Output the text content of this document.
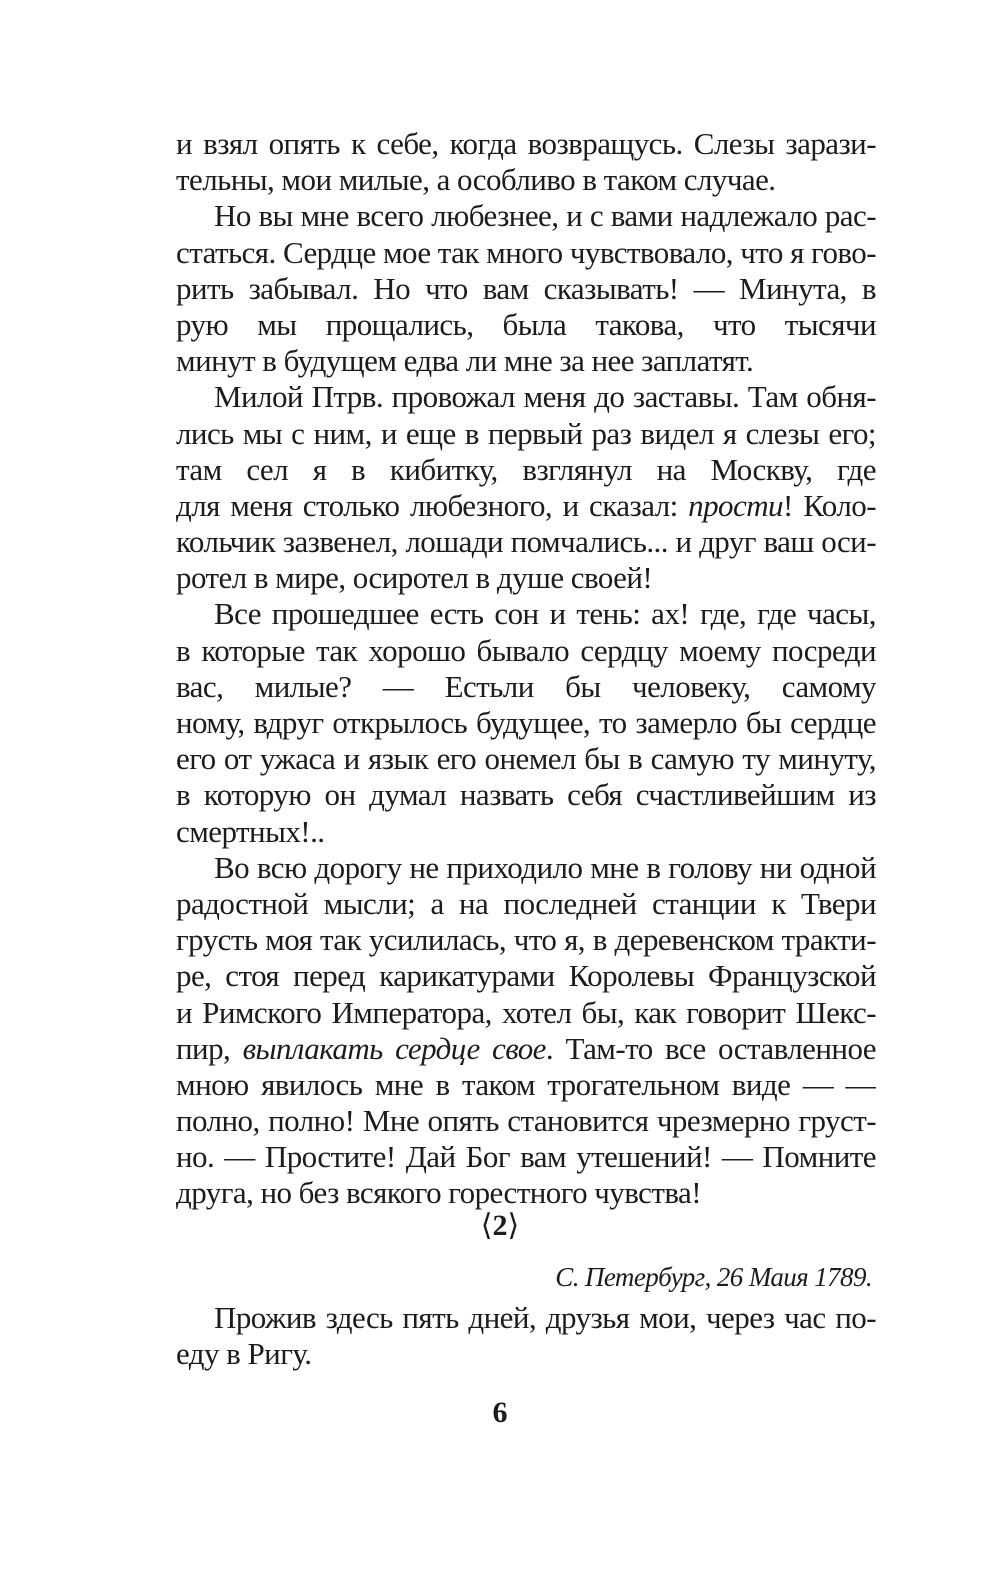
и взял опять к себе, когда возвращусь. Слезы зарази-
тельны, мои милые, а особливо в таком случае.
Но вы мне всего любезнее, и с вами надлежало рас-
статься. Сердце мое так много чувствовало, что я гово-
рить забывал. Но что вам сказывать! — Минута, в
рую мы прощались, была такова, что тысячи
минут в будущем едва ли мне за нее заплатят.
Милой Птрв. провожал меня до заставы. Там обня-
лись мы с ним, и еще в первый раз видел я слезы его;
там сел я в кибитку, взглянул на Москву, где
для меня столько любезного, и сказал: прости! Коло-
кольчик зазвенел, лошади помчались... и друг ваш оси-
ротел в мире, осиротел в душе своей!
Все прошедшее есть сон и тень: ах! где, где часы,
в которые так хорошо бывало сердцу моему посреди
вас, милые? — Естьли бы человеку, самому
ному, вдруг открылось будущее, то замерло бы сердце
его от ужаса и язык его онемел бы в самую ту минуту,
в которую он думал назвать себя счастливейшим из
смертных!..
Во всю дорогу не приходило мне в голову ни одной
радостной мысли; а на последней станции к Твери
грусть моя так усилилась, что я, в деревенском тракти-
ре, стоя перед карикатурами Королевы Французской
и Римского Императора, хотел бы, как говорит Шекс-
пир, выплакать сердце свое. Там-то все оставленное
мною явилось мне в таком трогательном виде — —
полно, полно! Мне опять становится чрезмерно груст-
но. — Простите! Дай Бог вам утешений! — Помните
друга, но без всякого горестного чувства!
⟨2⟩
С. Петербург, 26 Маия 1789.
Прожив здесь пять дней, друзья мои, через час по-
еду в Ригу.
6
